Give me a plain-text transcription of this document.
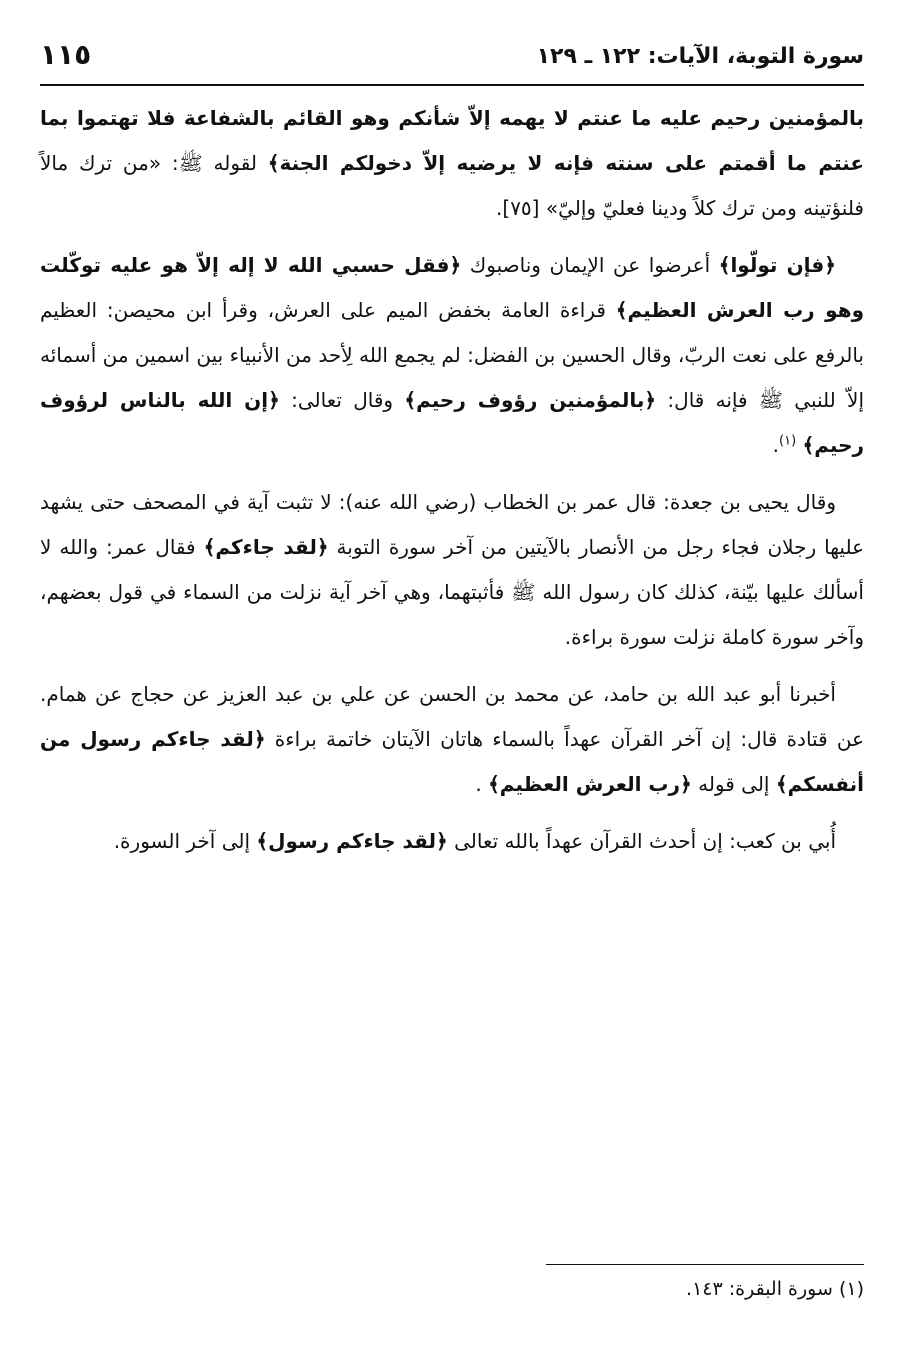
سورة التوبة، الآيات: ١٢٢ ـ ١٢٩
١١٥

بالمؤمنين رحيم عليه ما عنتم لا يهمه إلاّ شأنكم وهو القائم بالشفاعة فلا تهتموا بما عنتم ما أقمتم على سنته فإنه لا يرضيه إلاّ دخولكم الجنة﴾ لقوله ﷺ: «من ترك مالاً فلنؤتينه ومن ترك كلاً ودينا فعليّ وإليّ» [٧٥].

﴿فإن تولّوا﴾ أعرضوا عن الإيمان وناصبوك ﴿فقل حسبي الله لا إله إلاّ هو عليه توكّلت وهو رب العرش العظيم﴾ قراءة العامة بخفض الميم على العرش، وقرأ ابن محيصن: العظيم بالرفع على نعت الربّ، وقال الحسين بن الفضل: لم يجمع الله لِأحد من الأنبياء بين اسمين من أسمائه إلاّ للنبي ﷺ فإنه قال: ﴿بالمؤمنين رؤوف رحيم﴾ وقال تعالى: ﴿إن الله بالناس لرؤوف رحيم﴾ $^{(١)}$.

وقال يحيى بن جعدة: قال عمر بن الخطاب (رضي الله عنه): لا تثبت آية في المصحف حتى يشهد عليها رجلان فجاء رجل من الأنصار بالآيتين من آخر سورة التوبة ﴿لقد جاءكم﴾ فقال عمر: والله لا أسألك عليها بيّنة، كذلك كان رسول الله ﷺ فأثبتهما، وهي آخر آية نزلت من السماء في قول بعضهم، وآخر سورة كاملة نزلت سورة براءة.

أخبرنا أبو عبد الله بن حامد، عن محمد بن الحسن عن علي بن عبد العزيز عن حجاج عن همام. عن قتادة قال: إن آخر القرآن عهداً بالسماء هاتان الآيتان خاتمة براءة ﴿لقد جاءكم رسول من أنفسكم﴾ إلى قوله ﴿رب العرش العظيم﴾ .

أُبي بن كعب: إن أحدث القرآن عهداً بالله تعالى ﴿لقد جاءكم رسول﴾ إلى آخر السورة.

(١) سورة البقرة: ١٤٣.
